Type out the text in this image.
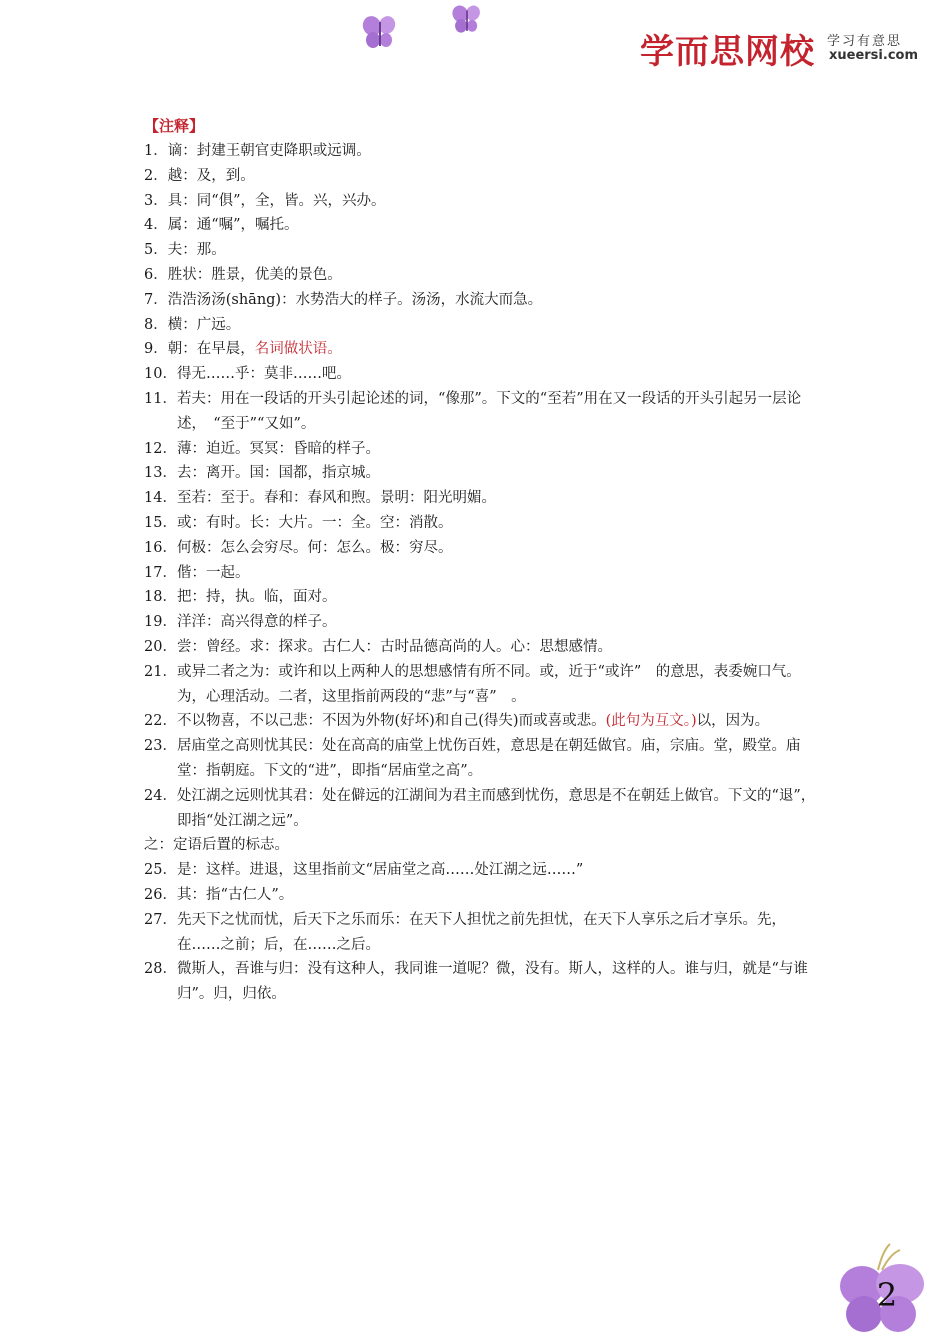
学而思网校 学习有意思
xueersi.com
【注释】
1． 谪：封建王朝官吏降职或远调。
2． 越：及，到。
3． 具：同“俱”，全，皆。兴，兴办。
4． 属：通“嘱”，嘱托。
5． 夫：那。
6． 胜状：胜景，优美的景色。
7． 浩浩汤汤(shāng)：水势浩大的样子。汤汤，水流大而急。
8． 横：广远。
9． 朝：在早晨，名词做状语。
10． 得无……乎：莫非……吧。
11． 若夫：用在一段话的开头引起论述的词，“像那”。下文的“至若”用在又一段话的开头引起另一层论述，　“至于”“又如”。
12． 薄：迫近。冥冥：昏暗的样子。
13． 去：离开。国：国都，指京城。
14． 至若：至于。春和：春风和煦。景明：阳光明媚。
15． 或：有时。长：大片。一：全。空：消散。
16． 何极：怎么会穷尽。何：怎么。极：穷尽。
17． 偕：一起。
18． 把：持，执。临，面对。
19． 洋洋：高兴得意的样子。
20． 尝：曾经。求：探求。古仁人：古时品德高尚的人。心：思想感情。
21． 或异二者之为：或许和以上两种人的思想感情有所不同。或，近于“或许”　的意思，表委婉口气。为，心理活动。二者，这里指前两段的“悲”与“喜”　。
22． 不以物喜，不以己悲：不因为外物(好坏)和自己(得失)而或喜或悲。(此句为互文。)以，因为。
23． 居庙堂之高则忧其民：处在高高的庙堂上忧伤百姓，意思是在朝廷做官。庙，宗庙。堂，殿堂。庙堂：指朝庭。下文的“进”，即指“居庙堂之高”。
24． 处江湖之远则忧其君：处在僻远的江湖间为君主而感到忧伤，意思是不在朝廷上做官。下文的“退”，即指“处江湖之远”。
之：定语后置的标志。
25． 是：这样。进退，这里指前文“居庙堂之高……处江湖之远……”
26． 其：指“古仁人”。
27． 先天下之忧而忧，后天下之乐而乐：在天下人担忧之前先担忧，在天下人享乐之后才享乐。先，在……之前；后，在……之后。
28． 微斯人，吾谁与归：没有这种人，我同谁一道呢？微，没有。斯人，这样的人。谁与归，就是“与谁归”。归，归依。
2
